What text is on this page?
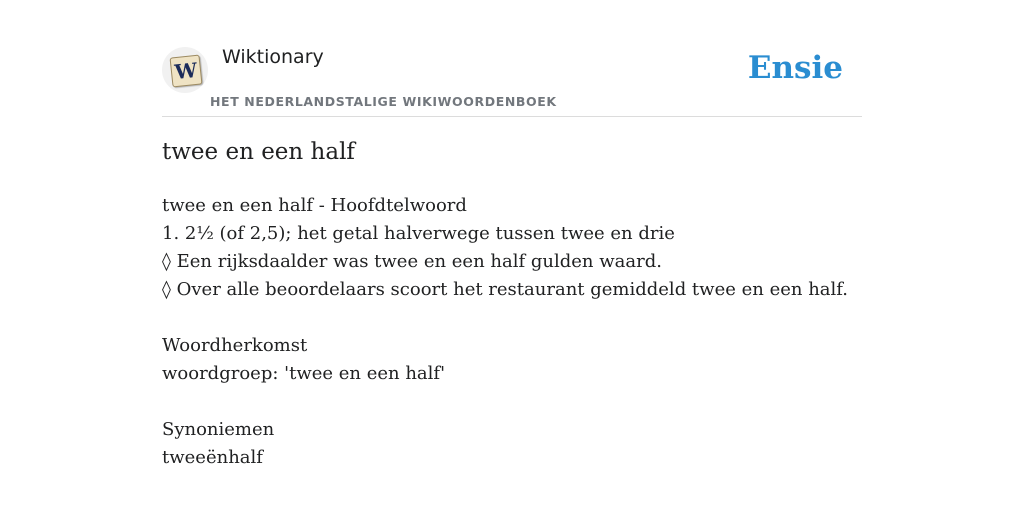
W
Wiktionary
HET NEDERLANDSTALIGE WIKIWOORDENBOEK
Ensie
twee en een half
twee en een half - Hoofdtelwoord
1. 2½ (of 2,5); het getal halverwege tussen twee en drie
◊ Een rijksdaalder was twee en een half gulden waard.
◊ Over alle beoordelaars scoort het restaurant gemiddeld twee en een half.
Woordherkomst
woordgroep: 'twee en een half'
Synoniemen
tweeënhalf
